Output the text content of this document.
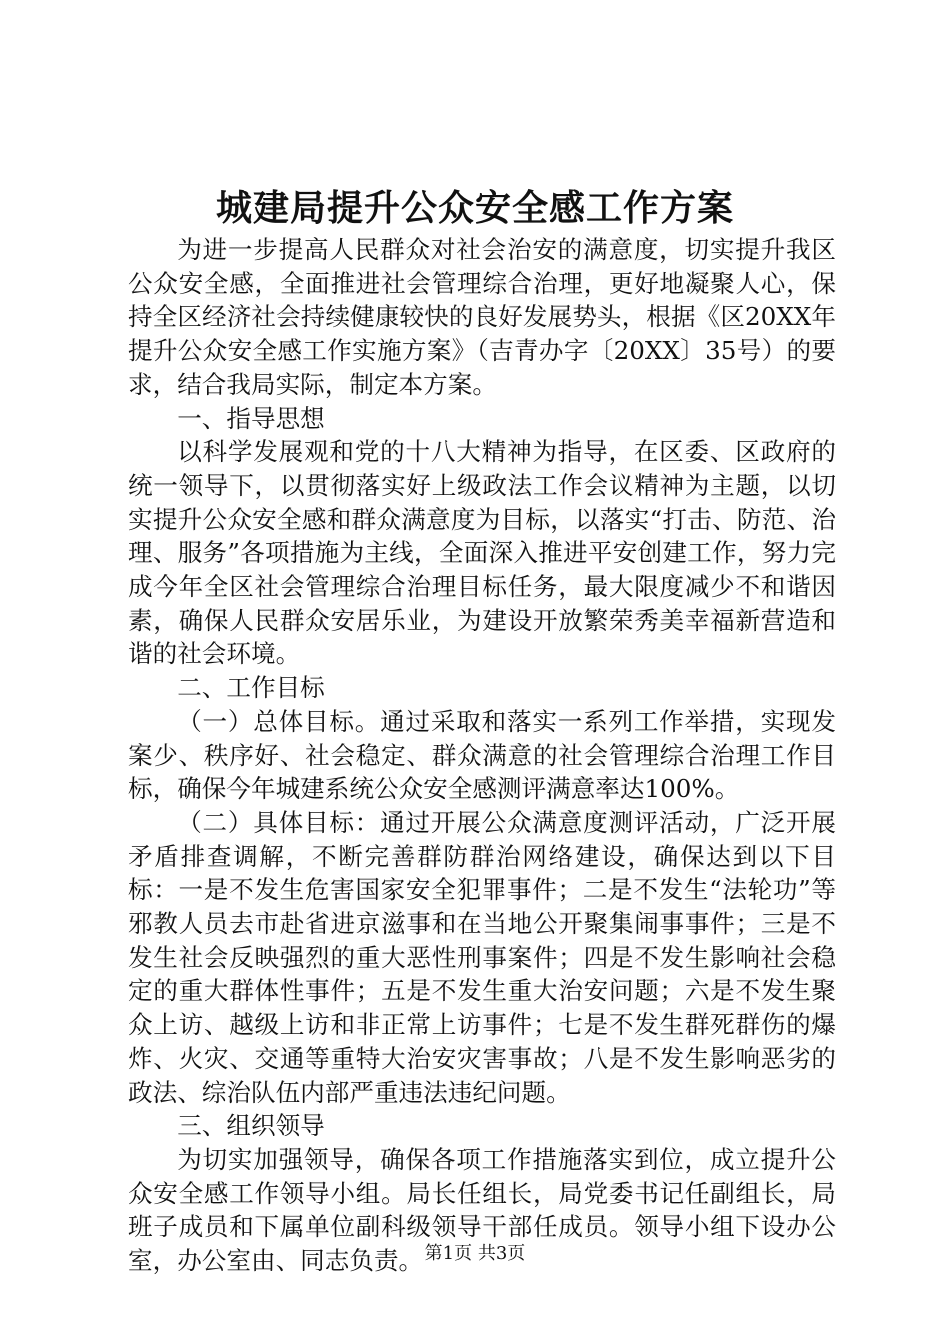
城建局提升公众安全感工作方案

为进一步提高人民群众对社会治安的满意度，切实提升我区公众安全感，全面推进社会管理综合治理，更好地凝聚人心，保持全区经济社会持续健康较快的良好发展势头，根据《区20XX年提升公众安全感工作实施方案》（吉青办字〔20XX〕35号）的要求，结合我局实际，制定本方案。

一、指导思想

以科学发展观和党的十八大精神为指导，在区委、区政府的统一领导下，以贯彻落实好上级政法工作会议精神为主题，以切实提升公众安全感和群众满意度为目标，以落实“打击、防范、治理、服务”各项措施为主线，全面深入推进平安创建工作，努力完成今年全区社会管理综合治理目标任务，最大限度减少不和谐因素，确保人民群众安居乐业，为建设开放繁荣秀美幸福新营造和谐的社会环境。

二、工作目标

（一）总体目标。通过采取和落实一系列工作举措，实现发案少、秩序好、社会稳定、群众满意的社会管理综合治理工作目标，确保今年城建系统公众安全感测评满意率达100%。

（二）具体目标：通过开展公众满意度测评活动，广泛开展矛盾排查调解，不断完善群防群治网络建设，确保达到以下目标：一是不发生危害国家安全犯罪事件；二是不发生“法轮功”等邪教人员去市赴省进京滋事和在当地公开聚集闹事事件；三是不发生社会反映强烈的重大恶性刑事案件；四是不发生影响社会稳定的重大群体性事件；五是不发生重大治安问题；六是不发生聚众上访、越级上访和非正常上访事件；七是不发生群死群伤的爆炸、火灾、交通等重特大治安灾害事故；八是不发生影响恶劣的政法、综治队伍内部严重违法违纪问题。

三、组织领导

为切实加强领导，确保各项工作措施落实到位，成立提升公众安全感工作领导小组。局长任组长，局党委书记任副组长，局班子成员和下属单位副科级领导干部任成员。领导小组下设办公室，办公室由、同志负责。 第1页 共3页
